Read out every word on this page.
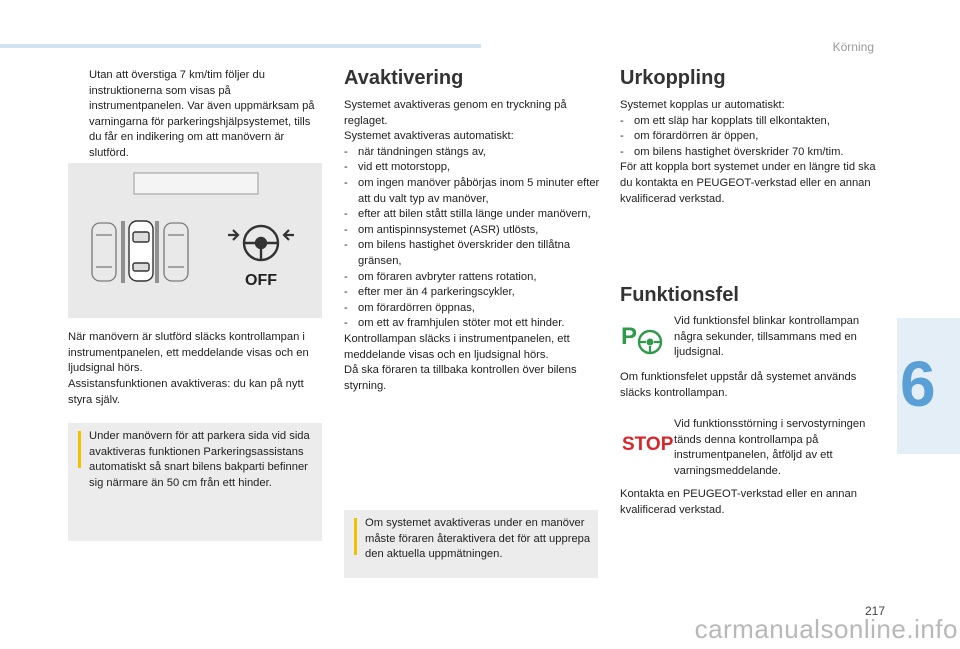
Körning
6
Utan att överstiga 7 km/tim följer du instruktionerna som visas på instrumentpanelen. Var även uppmärksam på varningarna för parkeringshjälpsystemet, tills du får en indikering om att manövern är slutförd.
OFF
När manövern är slutförd släcks kontrollampan i instrumentpanelen, ett meddelande visas och en ljudsignal hörs.
Assistansfunktionen avaktiveras: du kan på nytt styra själv.
Under manövern för att parkera sida vid sida avaktiveras funktionen Parkeringsassistans automatiskt så snart bilens bakparti befinner sig närmare än 50 cm från ett hinder.
Avaktivering

Systemet avaktiveras genom en tryckning på reglaget.

Systemet avaktiveras automatiskt:

- när tändningen stängs av,
- vid ett motorstopp,
- om ingen manöver påbörjas inom 5 minuter efter att du valt typ av manöver,
- efter att bilen stått stilla länge under manövern,
- om antispinnsystemet (ASR) utlösts,
- om bilens hastighet överskrider den tillåtna gränsen,
- om föraren avbryter rattens rotation,
- efter mer än 4 parkeringscykler,
- om förardörren öppnas,
- om ett av framhjulen stöter mot ett hinder.

Kontrollampan släcks i instrumentpanelen, ett meddelande visas och en ljudsignal hörs.

Då ska föraren ta tillbaka kontrollen över bilens styrning.

Om systemet avaktiveras under en manöver måste föraren återaktivera det för att upprepa den aktuella uppmätningen.
Urkoppling

Systemet kopplas ur automatiskt:

- om ett släp har kopplats till elkontakten,
- om förardörren är öppen,
- om bilens hastighet överskrider 70 km/tim.

För att koppla bort systemet under en längre tid ska du kontakta en PEUGEOT-verkstad eller en annan kvalificerad verkstad.

Funktionsfel
P
Vid funktionsfel blinkar kontrollampan några sekunder, tillsammans med en ljudsignal.
Om funktionsfelet uppstår då systemet används släcks kontrollampan.
STOP
Vid funktionsstörning i servostyrningen tänds denna kontrollampa på instrumentpanelen, åtföljd av ett varningsmeddelande.
Kontakta en PEUGEOT-verkstad eller en annan kvalificerad verkstad.
217
carmanualsonline.info
